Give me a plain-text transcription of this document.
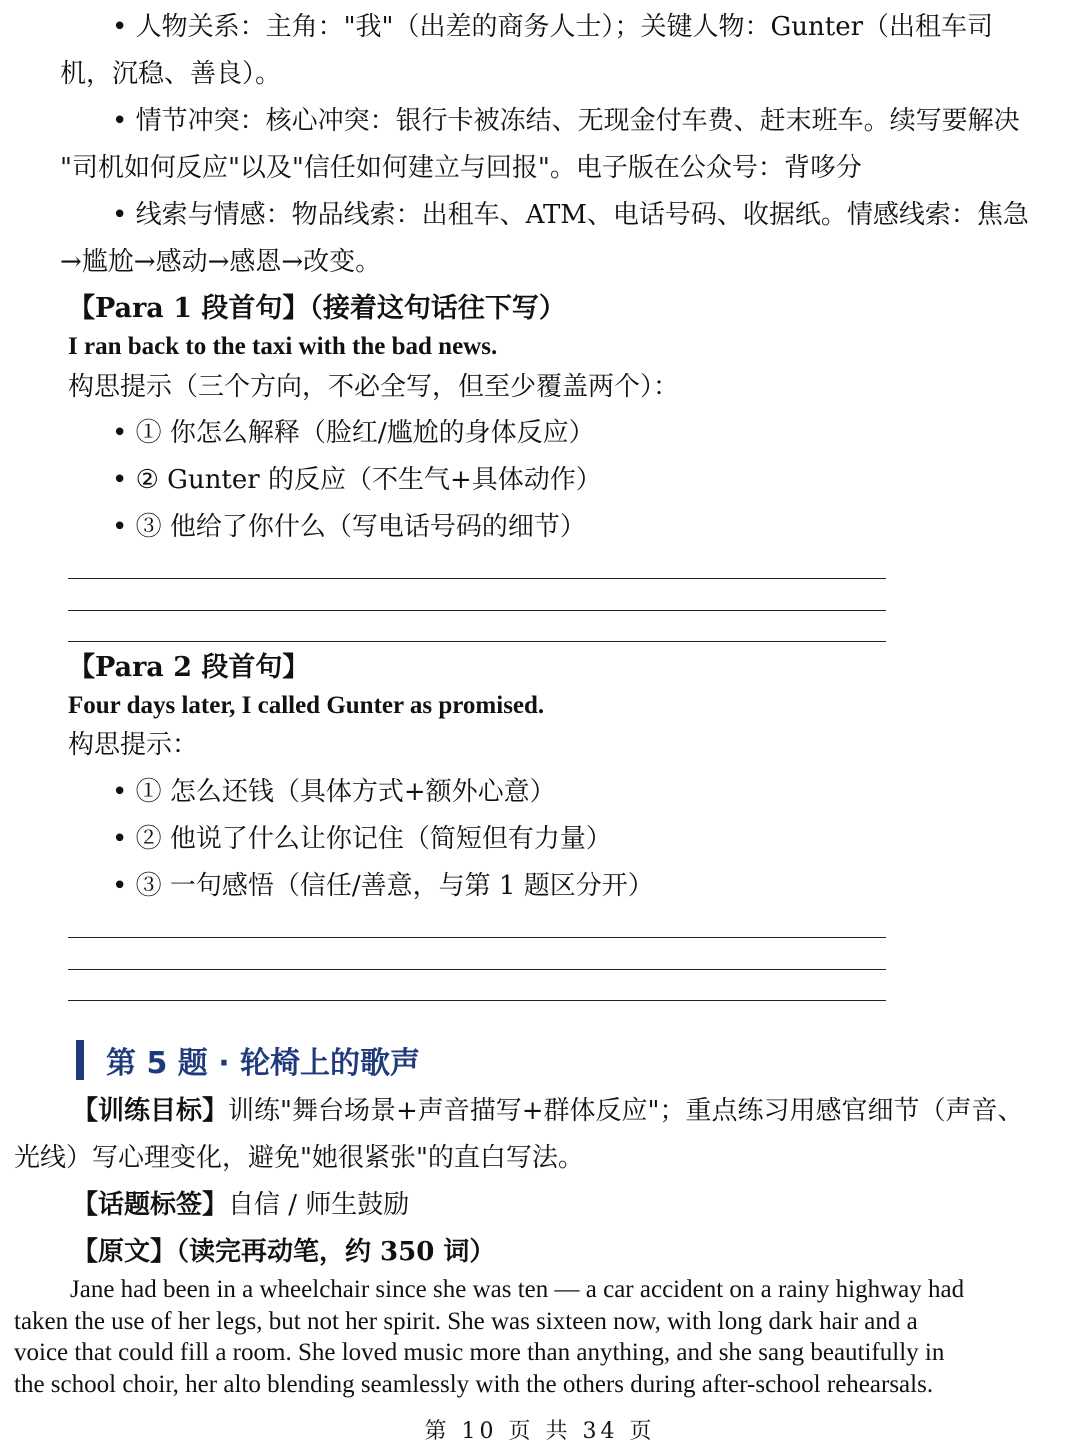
• 人物关系：主角："我"（出差的商务人士）；关键人物：Gunter（出租车司
机，沉稳、善良）。
• 情节冲突：核心冲突：银行卡被冻结、无现金付车费、赶末班车。续写要解决
"司机如何反应"以及"信任如何建立与回报"。电子版在公众号：背哆分
• 线索与情感：物品线索：出租车、ATM、电话号码、收据纸。情感线索：焦急
→尴尬→感动→感恩→改变。
【Para 1 段首句】（接着这句话往下写）
I ran back to the taxi with the bad news.
构思提示（三个方向，不必全写，但至少覆盖两个）：
• ① 你怎么解释（脸红/尴尬的身体反应）
• ② Gunter 的反应（不生气+具体动作）
• ③ 他给了你什么（写电话号码的细节）
【Para 2 段首句】
Four days later, I called Gunter as promised.
构思提示：
• ① 怎么还钱（具体方式+额外心意）
• ② 他说了什么让你记住（简短但有力量）
• ③ 一句感悟（信任/善意，与第 1 题区分开）
第 5 题 · 轮椅上的歌声
【训练目标】训练"舞台场景+声音描写+群体反应"；重点练习用感官细节（声音、
光线）写心理变化，避免"她很紧张"的直白写法。
【话题标签】自信 / 师生鼓励
【原文】（读完再动笔，约 350 词）
Jane had been in a wheelchair since she was ten — a car accident on a rainy highway had
taken the use of her legs, but not her spirit. She was sixteen now, with long dark hair and a
voice that could fill a room. She loved music more than anything, and she sang beautifully in
the school choir, her alto blending seamlessly with the others during after-school rehearsals.
第 10 页 共 34 页
